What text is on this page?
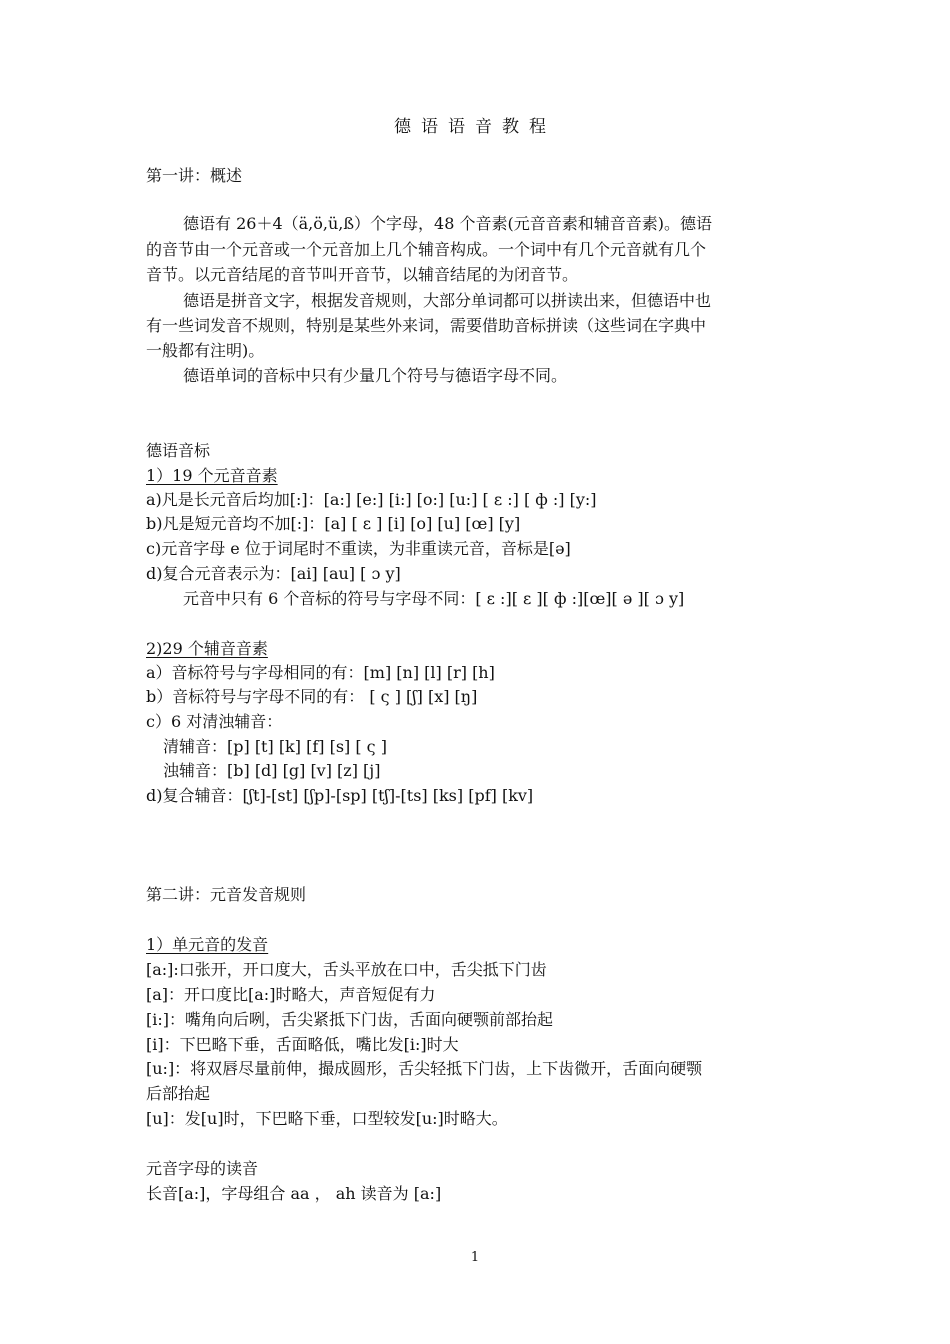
德语语音教程
第一讲：概述
德语有 26＋4（ä,ö,ü,ß）个字母，48 个音素(元音音素和辅音音素)。德语
的音节由一个元音或一个元音加上几个辅音构成。一个词中有几个元音就有几个
音节。以元音结尾的音节叫开音节，以辅音结尾的为闭音节。
德语是拼音文字，根据发音规则，大部分单词都可以拼读出来，但德语中也
有一些词发音不规则，特别是某些外来词，需要借助音标拼读（这些词在字典中
一般都有注明)。
德语单词的音标中只有少量几个符号与德语字母不同。
德语音标
1）19 个元音音素
a)凡是长元音后均加[:]：[a:] [e:] [i:] [o:] [u:] [ ε :] [ ф :] [y:]
b)凡是短元音均不加[:]：[a] [ ε ] [i] [o] [u] [œ] [y]
c)元音字母 e 位于词尾时不重读，为非重读元音，音标是[ə]
d)复合元音表示为：[ai] [au] [ ɔ y]
元音中只有 6 个音标的符号与字母不同：[ ε :][ ε ][ ф :][œ][ ə ][ ɔ y]
2)29 个辅音音素
a）音标符号与字母相同的有：[m] [n] [l] [r] [h]
b）音标符号与字母不同的有： [ ς ] [ʃ] [x] [ŋ]
c）6 对清浊辅音：
清辅音：[p] [t] [k] [f] [s] [ ς ]
浊辅音：[b] [d] [g] [v] [z] [j]
d)复合辅音：[ʃt]-[st] [ʃp]-[sp] [tʃ]-[ts] [ks] [pf] [kv]
第二讲：元音发音规则
1）单元音的发音
[a:]:口张开，开口度大，舌头平放在口中，舌尖抵下门齿
[a]：开口度比[a:]时略大，声音短促有力
[i:]：嘴角向后咧，舌尖紧抵下门齿，舌面向硬颚前部抬起
[i]：下巴略下垂，舌面略低，嘴比发[i:]时大
[u:]：将双唇尽量前伸，撮成圆形，舌尖轻抵下门齿，上下齿微开，舌面向硬颚
后部抬起
[u]：发[u]时，下巴略下垂，口型较发[u:]时略大。
元音字母的读音
长音[a:]，字母组合 aa ， ah 读音为 [a:]
1
